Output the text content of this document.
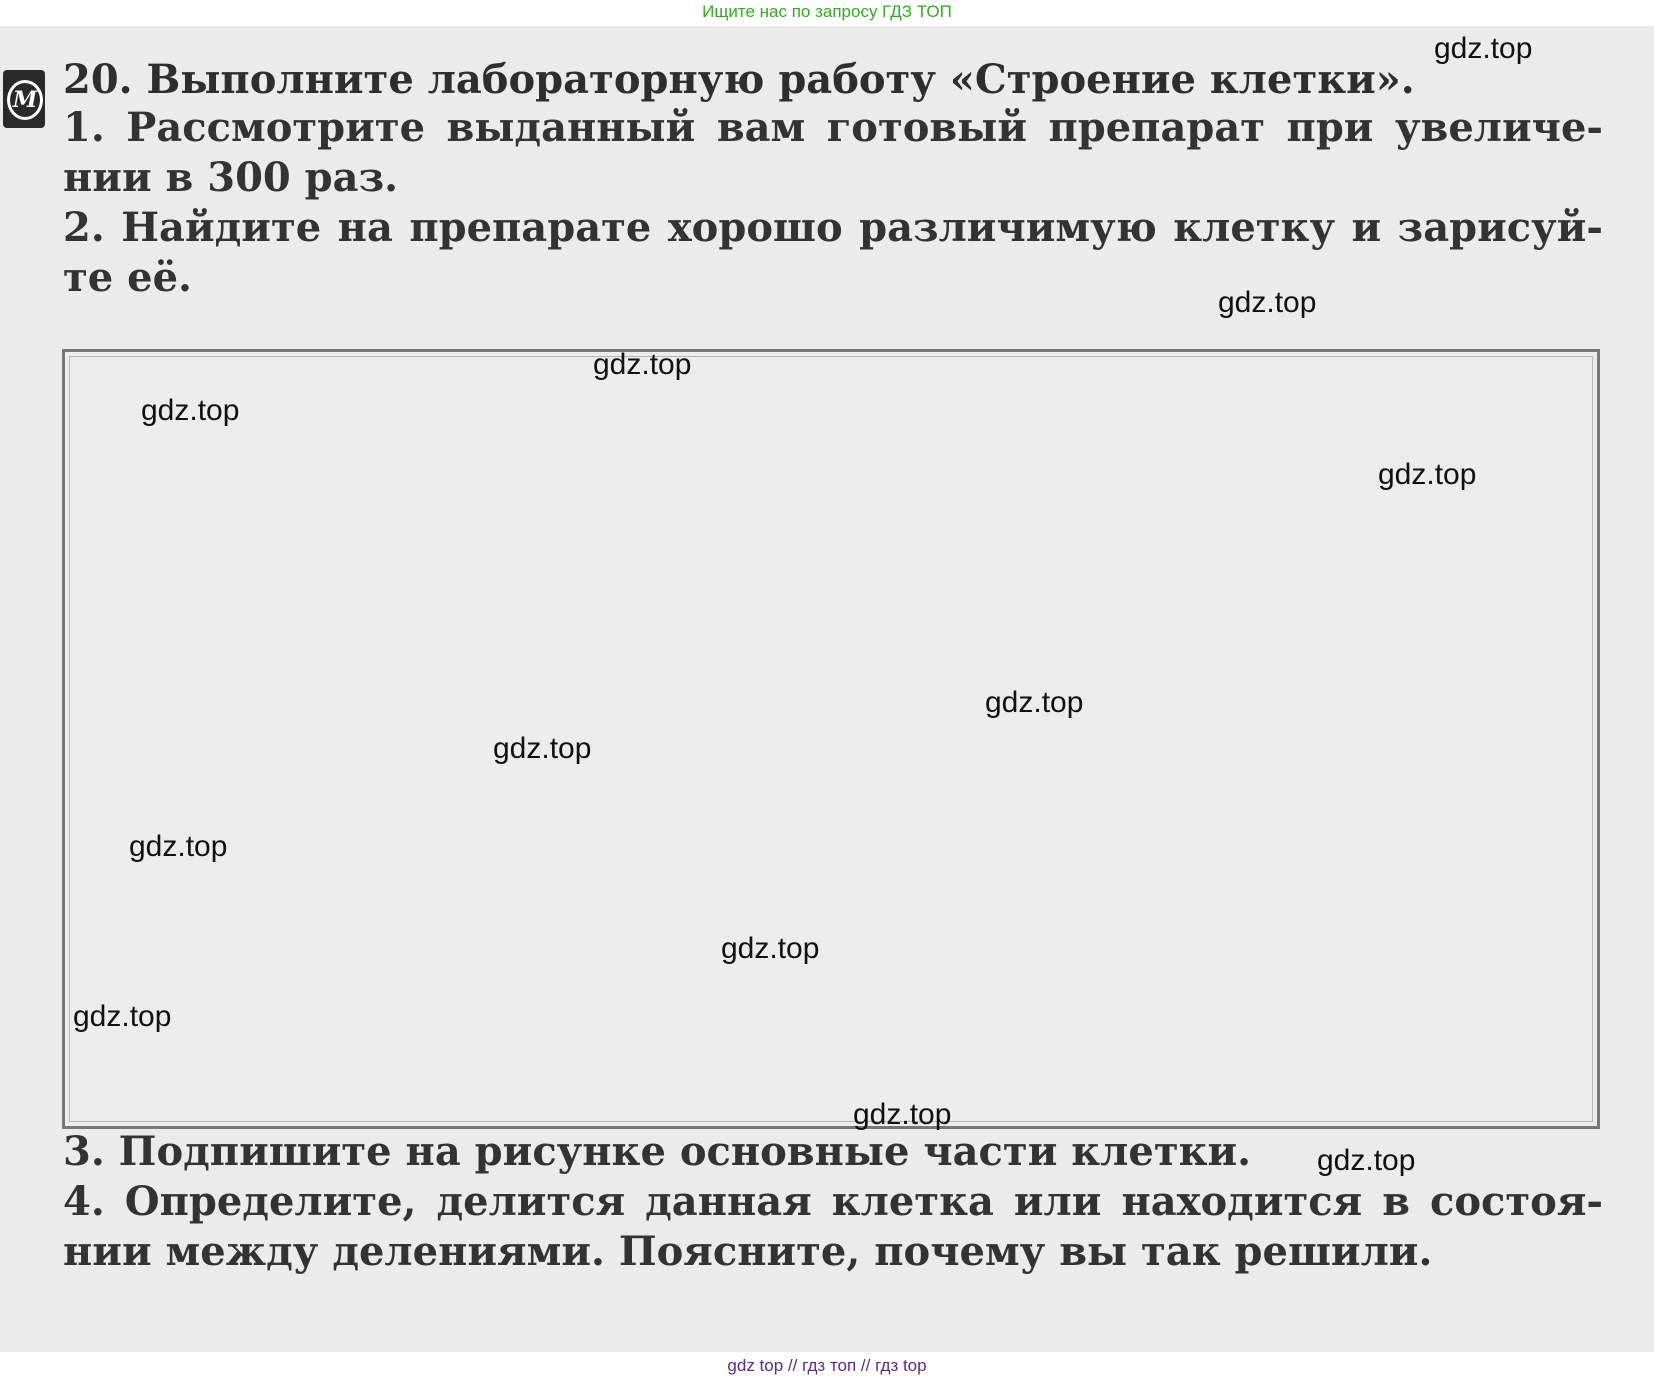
Ищите нас по запросу ГДЗ ТОП
М 20. Выполните лабораторную работу «Строение клетки».
1. Рассмотрите выданный вам готовый препарат при увеличе-
нии в 300 раз.
2. Найдите на препарате хорошо различимую клетку и зарисуй-
те её.
3. Подпишите на рисунке основные части клетки.
4. Определите, делится данная клетка или находится в состоя-
нии между делениями. Поясните, почему вы так решили.
gdz.top
gdz.top
gdz.top
gdz.top
gdz.top
gdz.top
gdz.top
gdz.top
gdz.top
gdz.top
gdz.top
gdz.top
gdz top // гдз топ // гдз top
